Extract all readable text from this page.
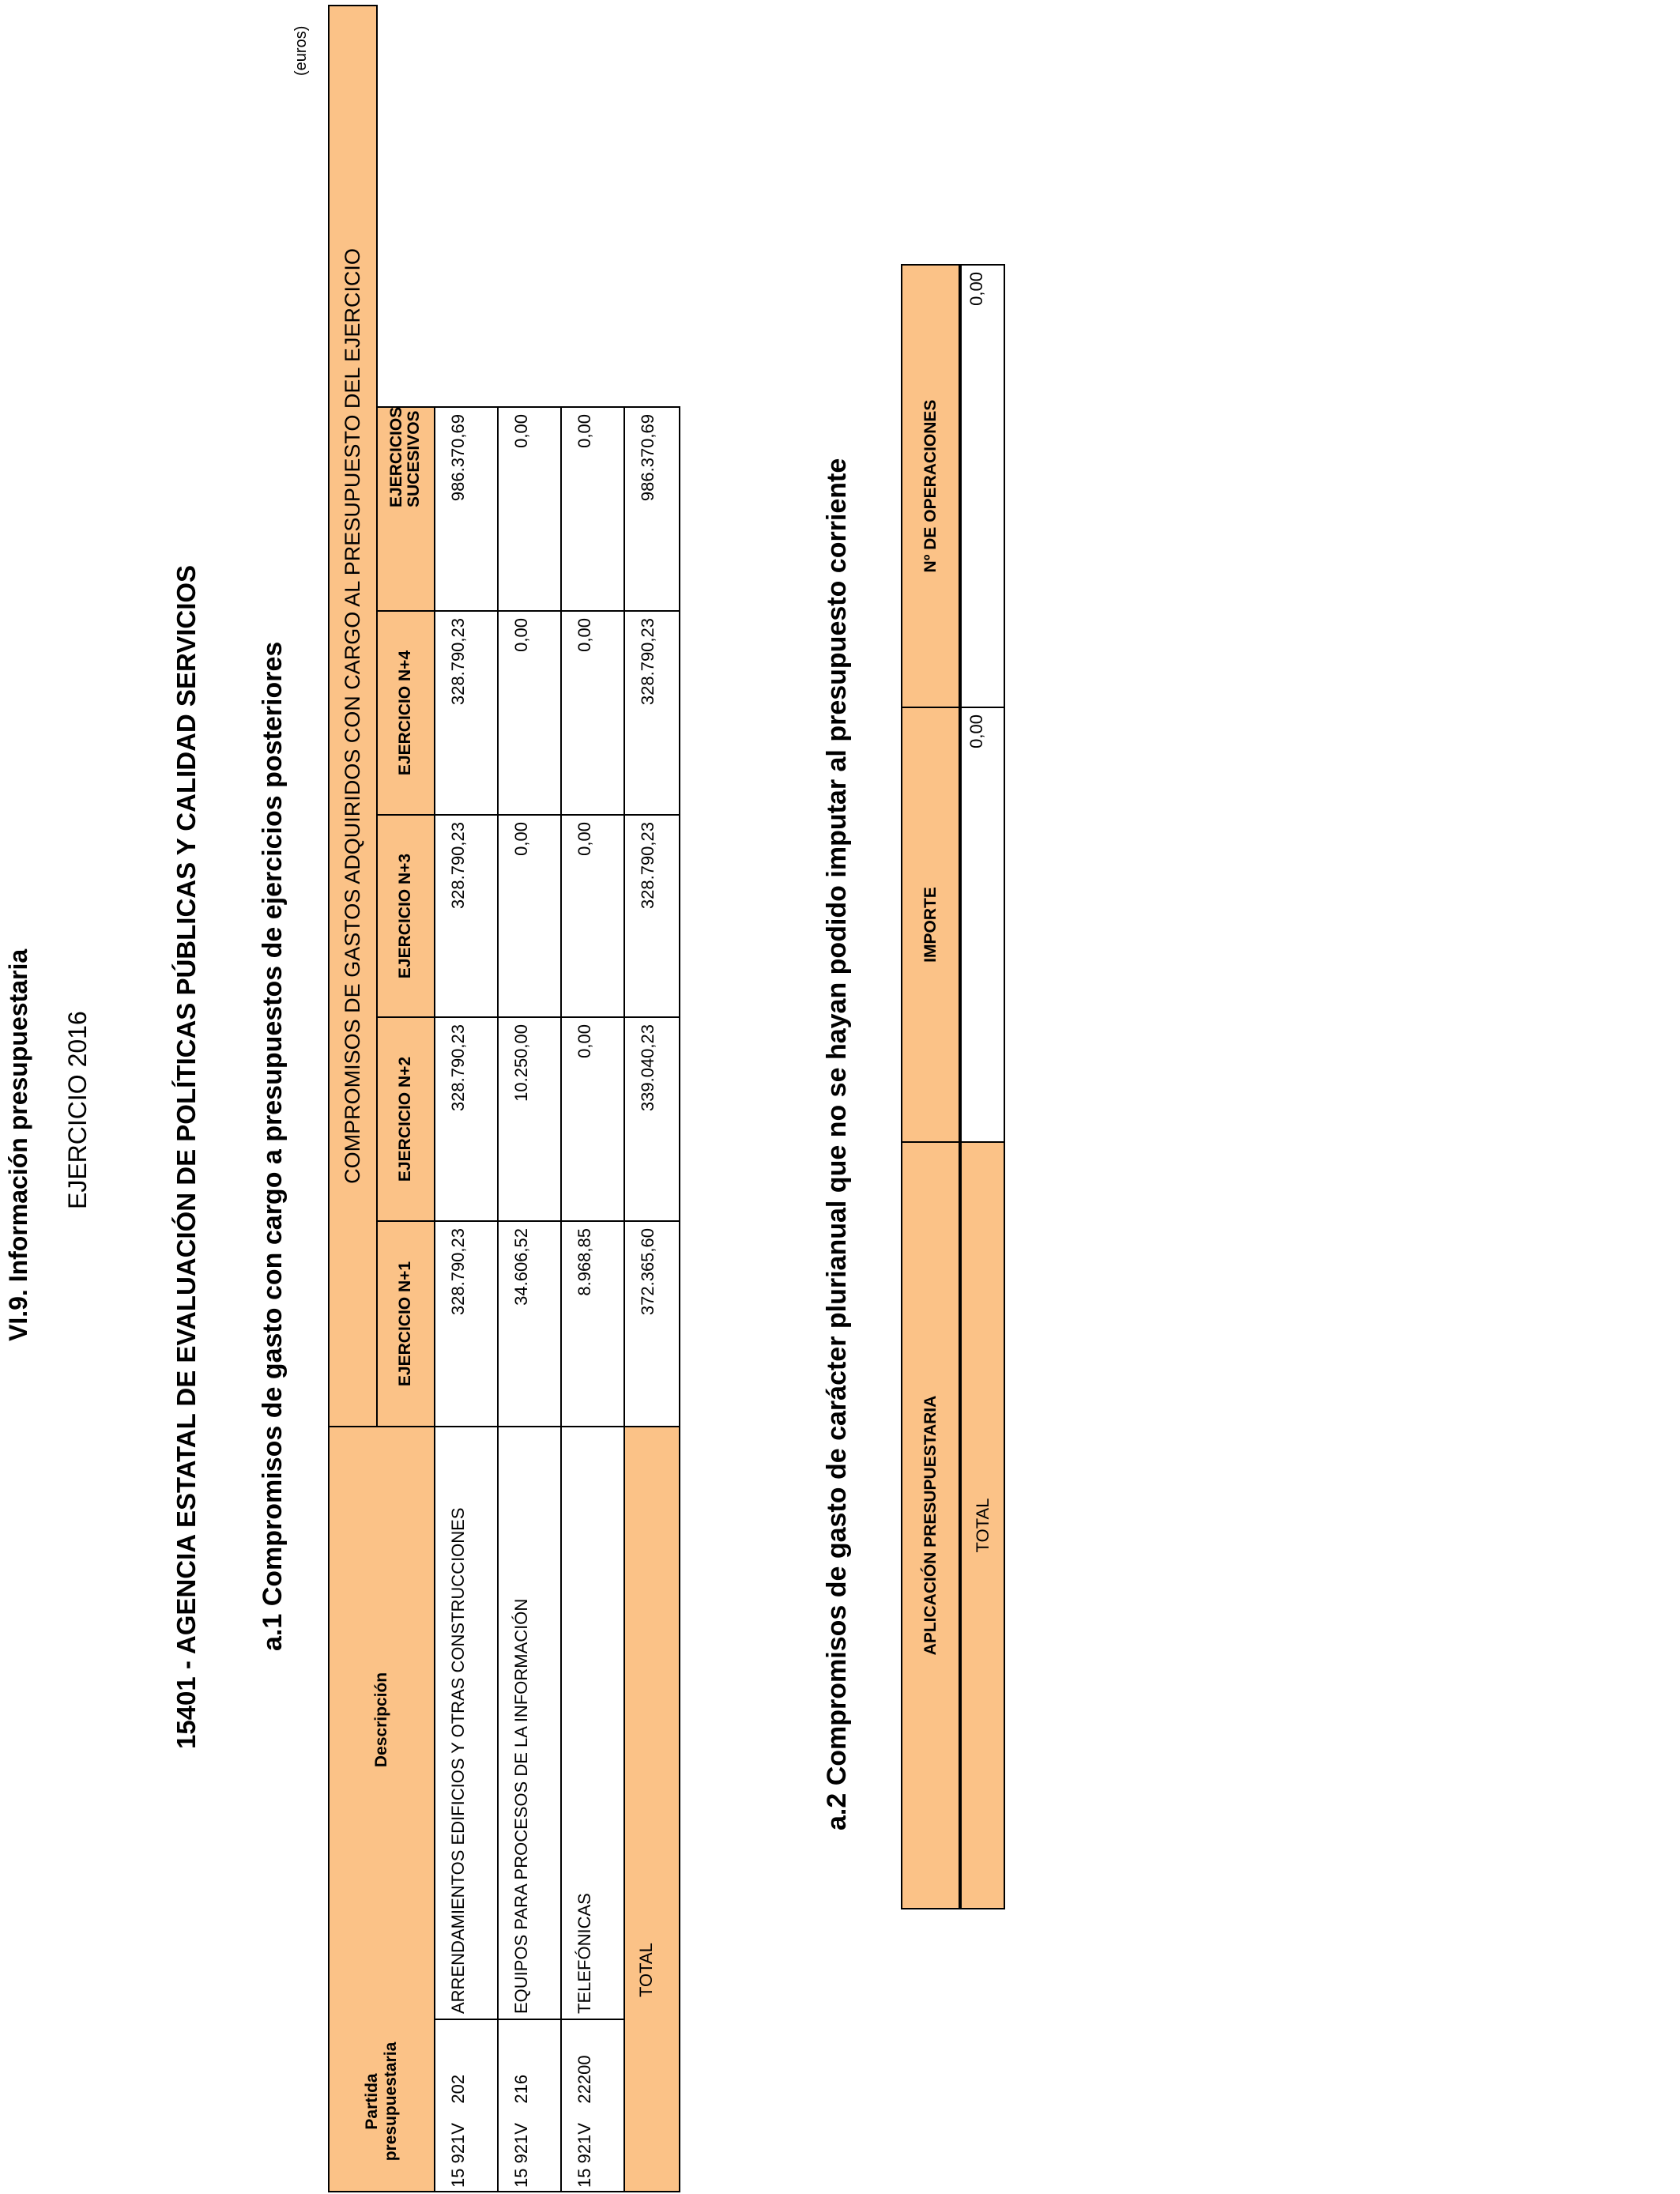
VI.9. Información presupuestaria EJERCICIO 2016	15401 - AGENCIA ESTATAL DE EVALUACIÓN DE POLÍTICAS PÚBLICAS Y CALIDAD SERVICIOS a.1 Compromisos de gasto con cargo a presupuestos de ejercicios posteriores
(euros)
Partida presupuestaria
Descripción		COMPROMISOS DE GASTOS ADQUIRIDOS CON CARGO AL PRESUPUESTO DEL EJERCICIO				
		EJERCICIO N+1	EJERCICIO N+2	EJERCICIO N+3	EJERCICIO N+4	EJERCICIOS SUCESIVOS
15 921V    202	ARRENDAMIENTOS EDIFICIOS Y OTRAS CONSTRUCCIONES	328.790,23	328.790,23	328.790,23	328.790,23	986.370,69
15 921V    216	EQUIPOS PARA PROCESOS DE LA INFORMACIÓN	34.606,52	10.250,00	0,00	0,00	0,00
15 921V    22200	TELEFÓNICAS	8.968,85	0,00	0,00	0,00	0,00
	TOTAL	372.365,60	339.040,23	328.790,23	328.790,23	986.370,69
a.2 Compromisos de gasto de carácter plurianual que no se hayan podido imputar al presupuesto corriente	APLICACIÓN PRESUPUESTARIA	IMPORTE	Nº DE OPERACIONES
TOTAL	0,00	0,00
